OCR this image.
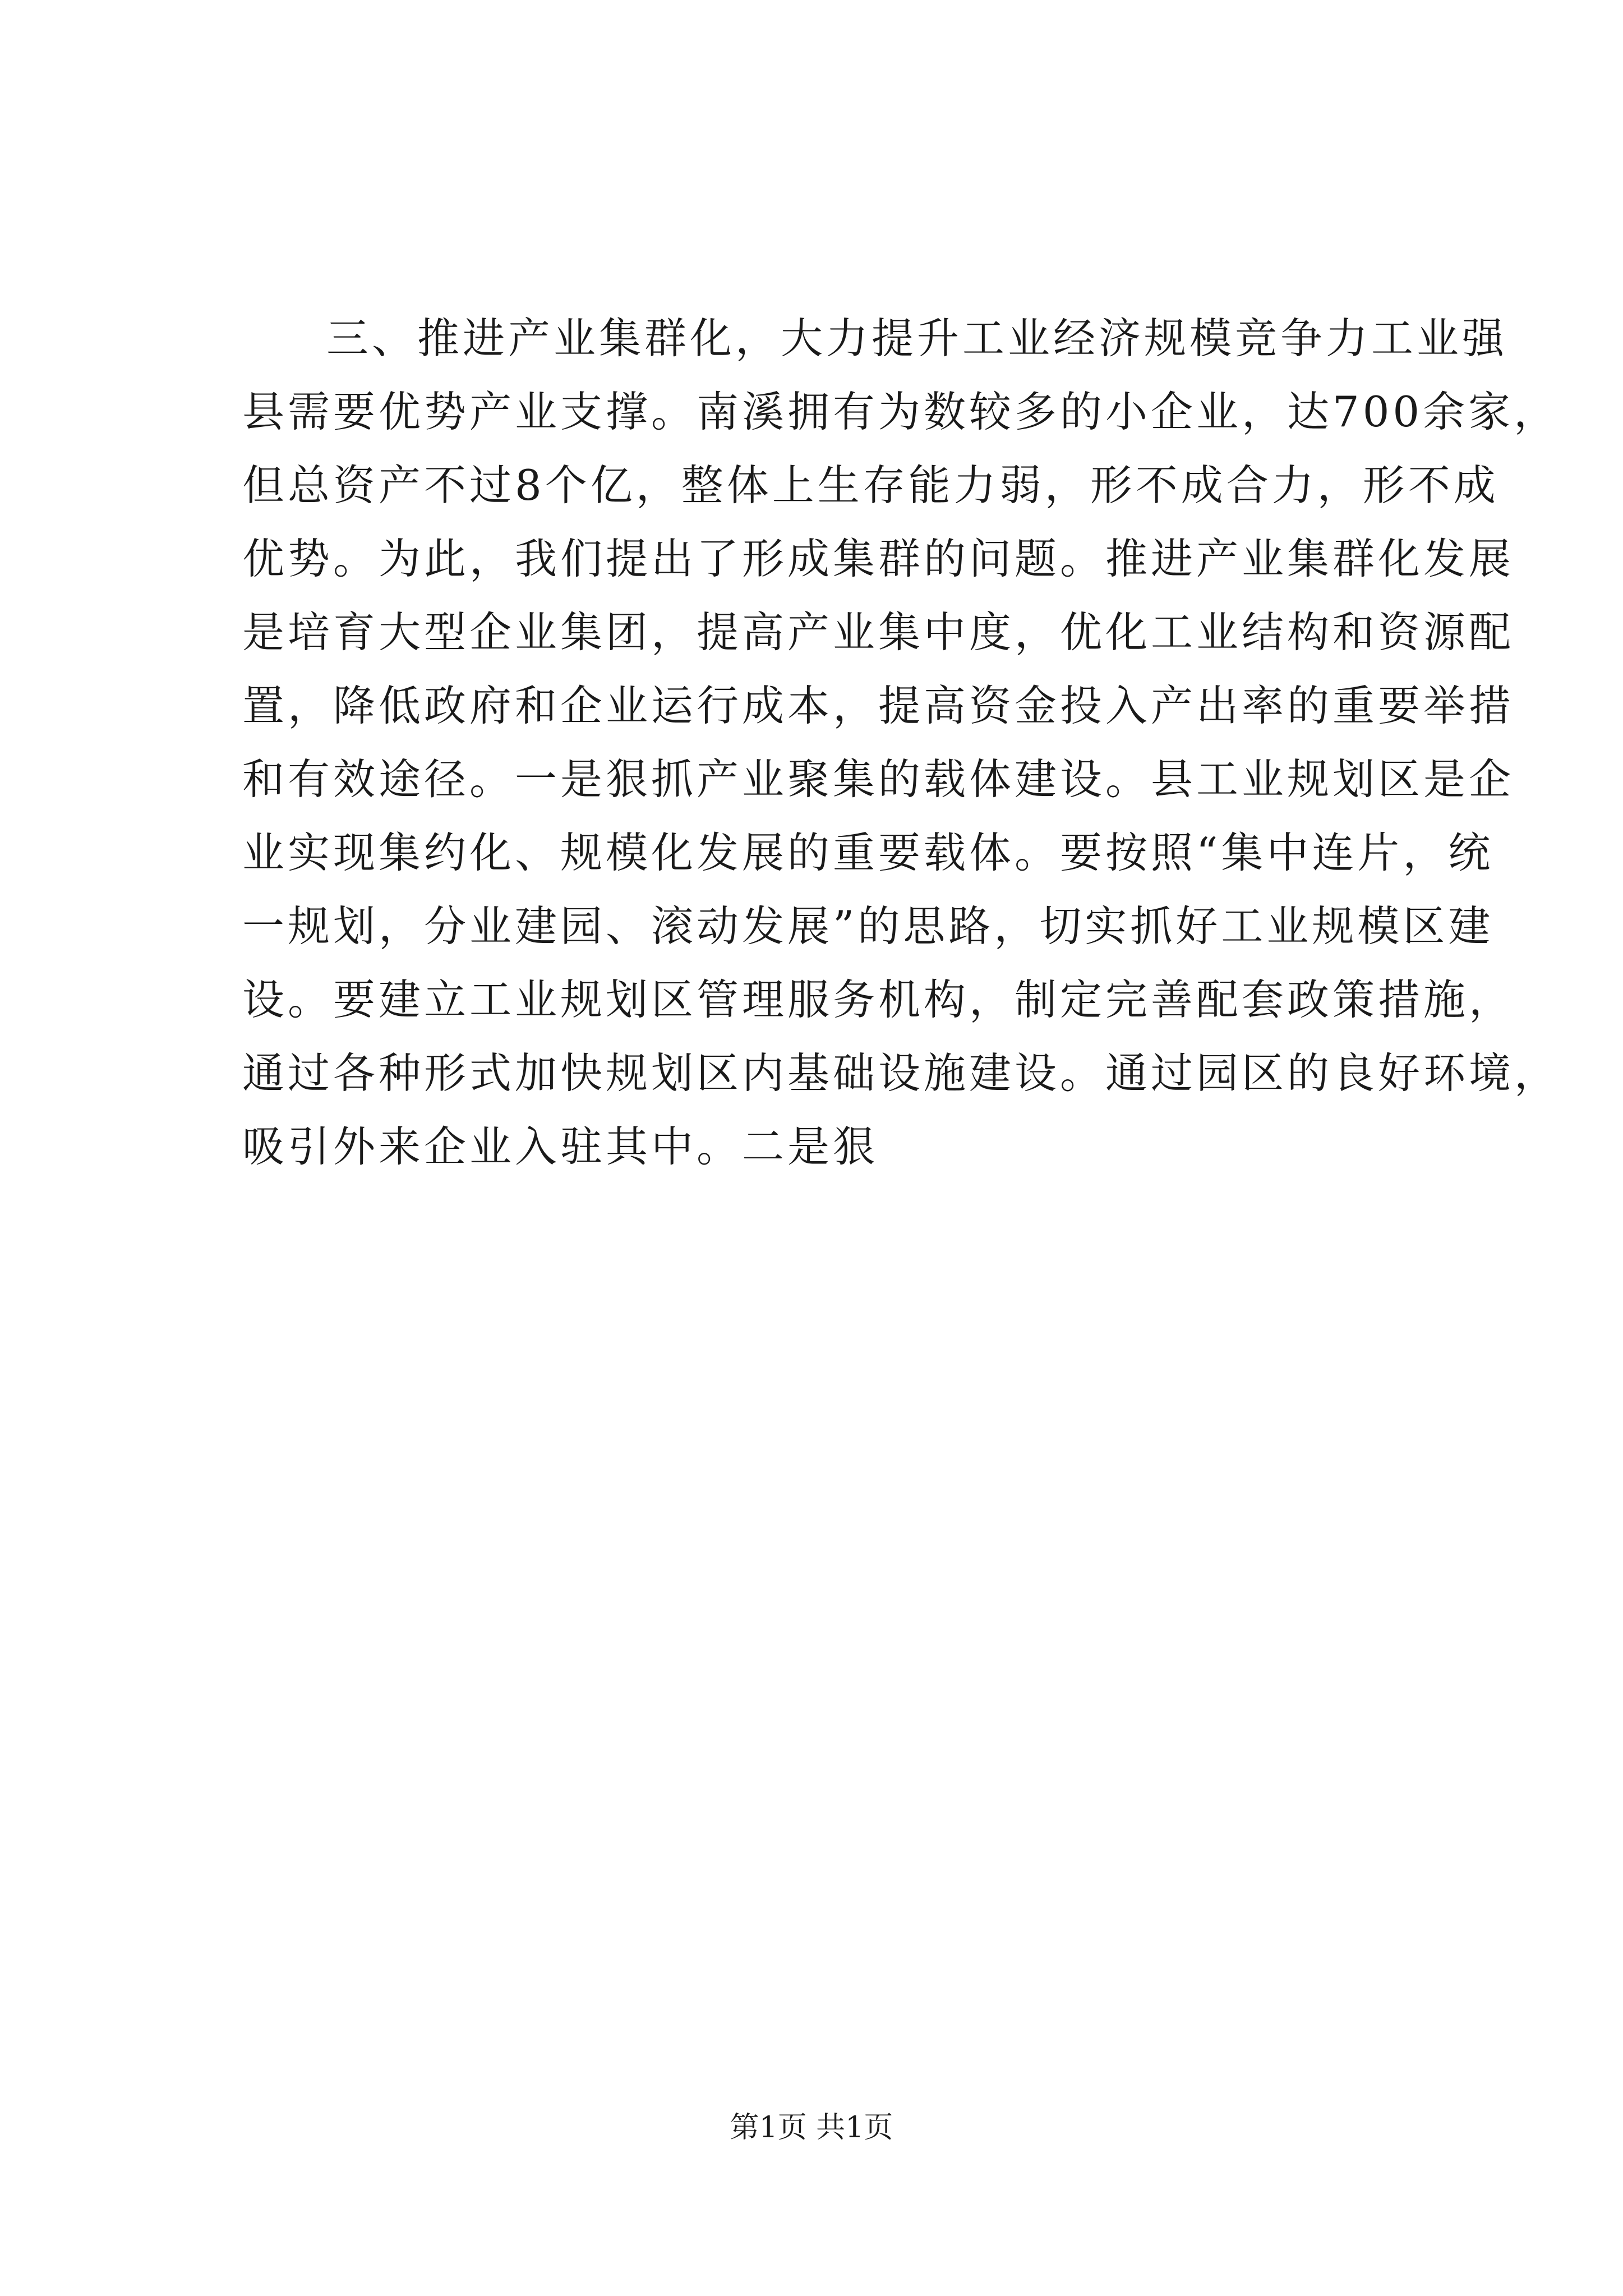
三、推进产业集群化，大力提升工业经济规模竞争力工业强
县需要优势产业支撑。南溪拥有为数较多的小企业，达700余家，
但总资产不过8个亿，整体上生存能力弱，形不成合力，形不成
优势。为此，我们提出了形成集群的问题。推进产业集群化发展
是培育大型企业集团，提高产业集中度，优化工业结构和资源配
置，降低政府和企业运行成本，提高资金投入产出率的重要举措
和有效途径。一是狠抓产业聚集的载体建设。县工业规划区是企
业实现集约化、规模化发展的重要载体。要按照“集中连片，统
一规划，分业建园、滚动发展”的思路，切实抓好工业规模区建
设。要建立工业规划区管理服务机构，制定完善配套政策措施，
通过各种形式加快规划区内基础设施建设。通过园区的良好环境，
吸引外来企业入驻其中。二是狠
第1页 共1页
